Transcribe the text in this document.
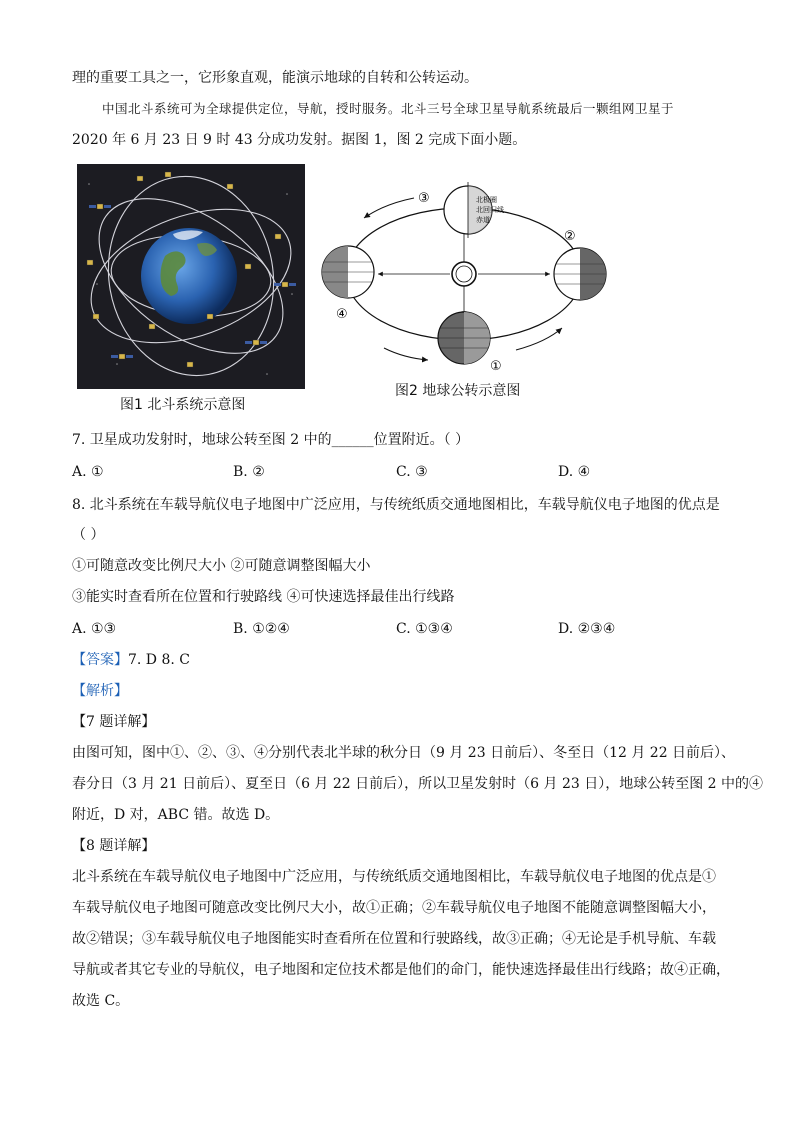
理的重要工具之一，它形象直观，能演示地球的自转和公转运动。
中国北斗系统可为全球提供定位，导航，授时服务。北斗三号全球卫星导航系统最后一颗组网卫星于
2020 年 6 月 23 日 9 时 43 分成功发射。据图 1，图 2 完成下面小题。
图1 北斗系统示意图
北极圈
北回归线
赤道
③
②
④
①
图2 地球公转示意图
7. 卫星成功发射时，地球公转至图 2 中的______位置附近。（ ）
A. ①	B. ②	C. ③	D. ④
8. 北斗系统在车载导航仪电子地图中广泛应用，与传统纸质交通地图相比，车载导航仪电子地图的优点是
（ ）
①可随意改变比例尺大小 ②可随意调整图幅大小
③能实时查看所在位置和行驶路线 ④可快速选择最佳出行线路
A. ①③	B. ①②④	C. ①③④	D. ②③④
【答案】7. D 8. C
【解析】
【7 题详解】
由图可知，图中①、②、③、④分别代表北半球的秋分日（9 月 23 日前后）、冬至日（12 月 22 日前后）、
春分日（3 月 21 日前后）、夏至日（6 月 22 日前后），所以卫星发射时（6 月 23 日），地球公转至图 2 中的④
附近，D 对，ABC 错。故选 D。
【8 题详解】
北斗系统在车载导航仪电子地图中广泛应用，与传统纸质交通地图相比，车载导航仪电子地图的优点是①
车载导航仪电子地图可随意改变比例尺大小，故①正确；②车载导航仪电子地图不能随意调整图幅大小，
故②错误；③车载导航仪电子地图能实时查看所在位置和行驶路线，故③正确；④无论是手机导航、车载
导航或者其它专业的导航仪，电子地图和定位技术都是他们的命门，能快速选择最佳出行线路；故④正确，
故选 C。
